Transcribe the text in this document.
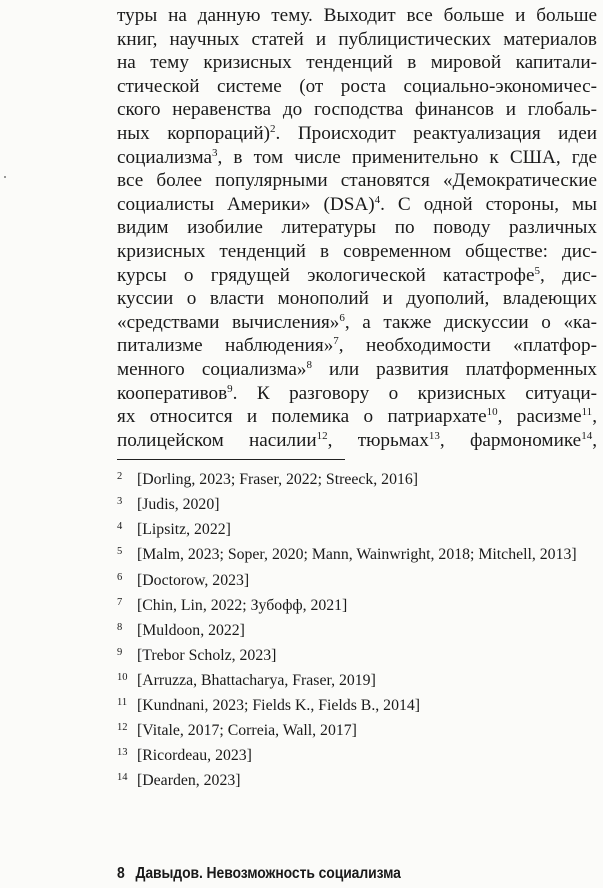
туры на данную тему. Выходит все больше и больше
книг, научных статей и публицистических материалов
на тему кризисных тенденций в мировой капитали-
стической системе (от роста социально-экономичес-
ского неравенства до господства финансов и глобаль-
ных корпораций)$^2$. Происходит реактуализация идеи
социализма$^3$, в том числе применительно к США, где
все более популярными становятся «Демократические
социалисты Америки» (DSA)$^4$. С одной стороны, мы
видим изобилие литературы по поводу различных
кризисных тенденций в современном обществе: дис-
курсы о грядущей экологической катастрофе$^5$, дис-
куссии о власти монополий и дуополий, владеющих
«средствами вычисления»$^6$, а также дискуссии о «ка-
питализме наблюдения»$^7$, необходимости «платфор-
менного социализма»$^8$ или развития платформенных
кооперативов$^9$. К разговору о кризисных ситуаци-
ях относится и полемика о патриархате$^{10}$, расизме$^{11}$,
полицейском насилии$^{12}$, тюрьмах$^{13}$, фармономике$^{14}$,
2 [Dorling, 2023; Fraser, 2022; Streeck, 2016]
3 [Judis, 2020]
4 [Lipsitz, 2022]
5 [Malm, 2023; Soper, 2020; Mann, Wainwright, 2018; Mitchell, 2013]
6 [Doctorow, 2023]
7 [Chin, Lin, 2022; Зубофф, 2021]
8 [Muldoon, 2022]
9 [Trebor Scholz, 2023]
10 [Arruzza, Bhattacharya, Fraser, 2019]
11 [Kundnani, 2023; Fields K., Fields B., 2014]
12 [Vitale, 2017; Correia, Wall, 2017]
13 [Ricordeau, 2023]
14 [Dearden, 2023]
8 Давыдов. Невозможность социализма
